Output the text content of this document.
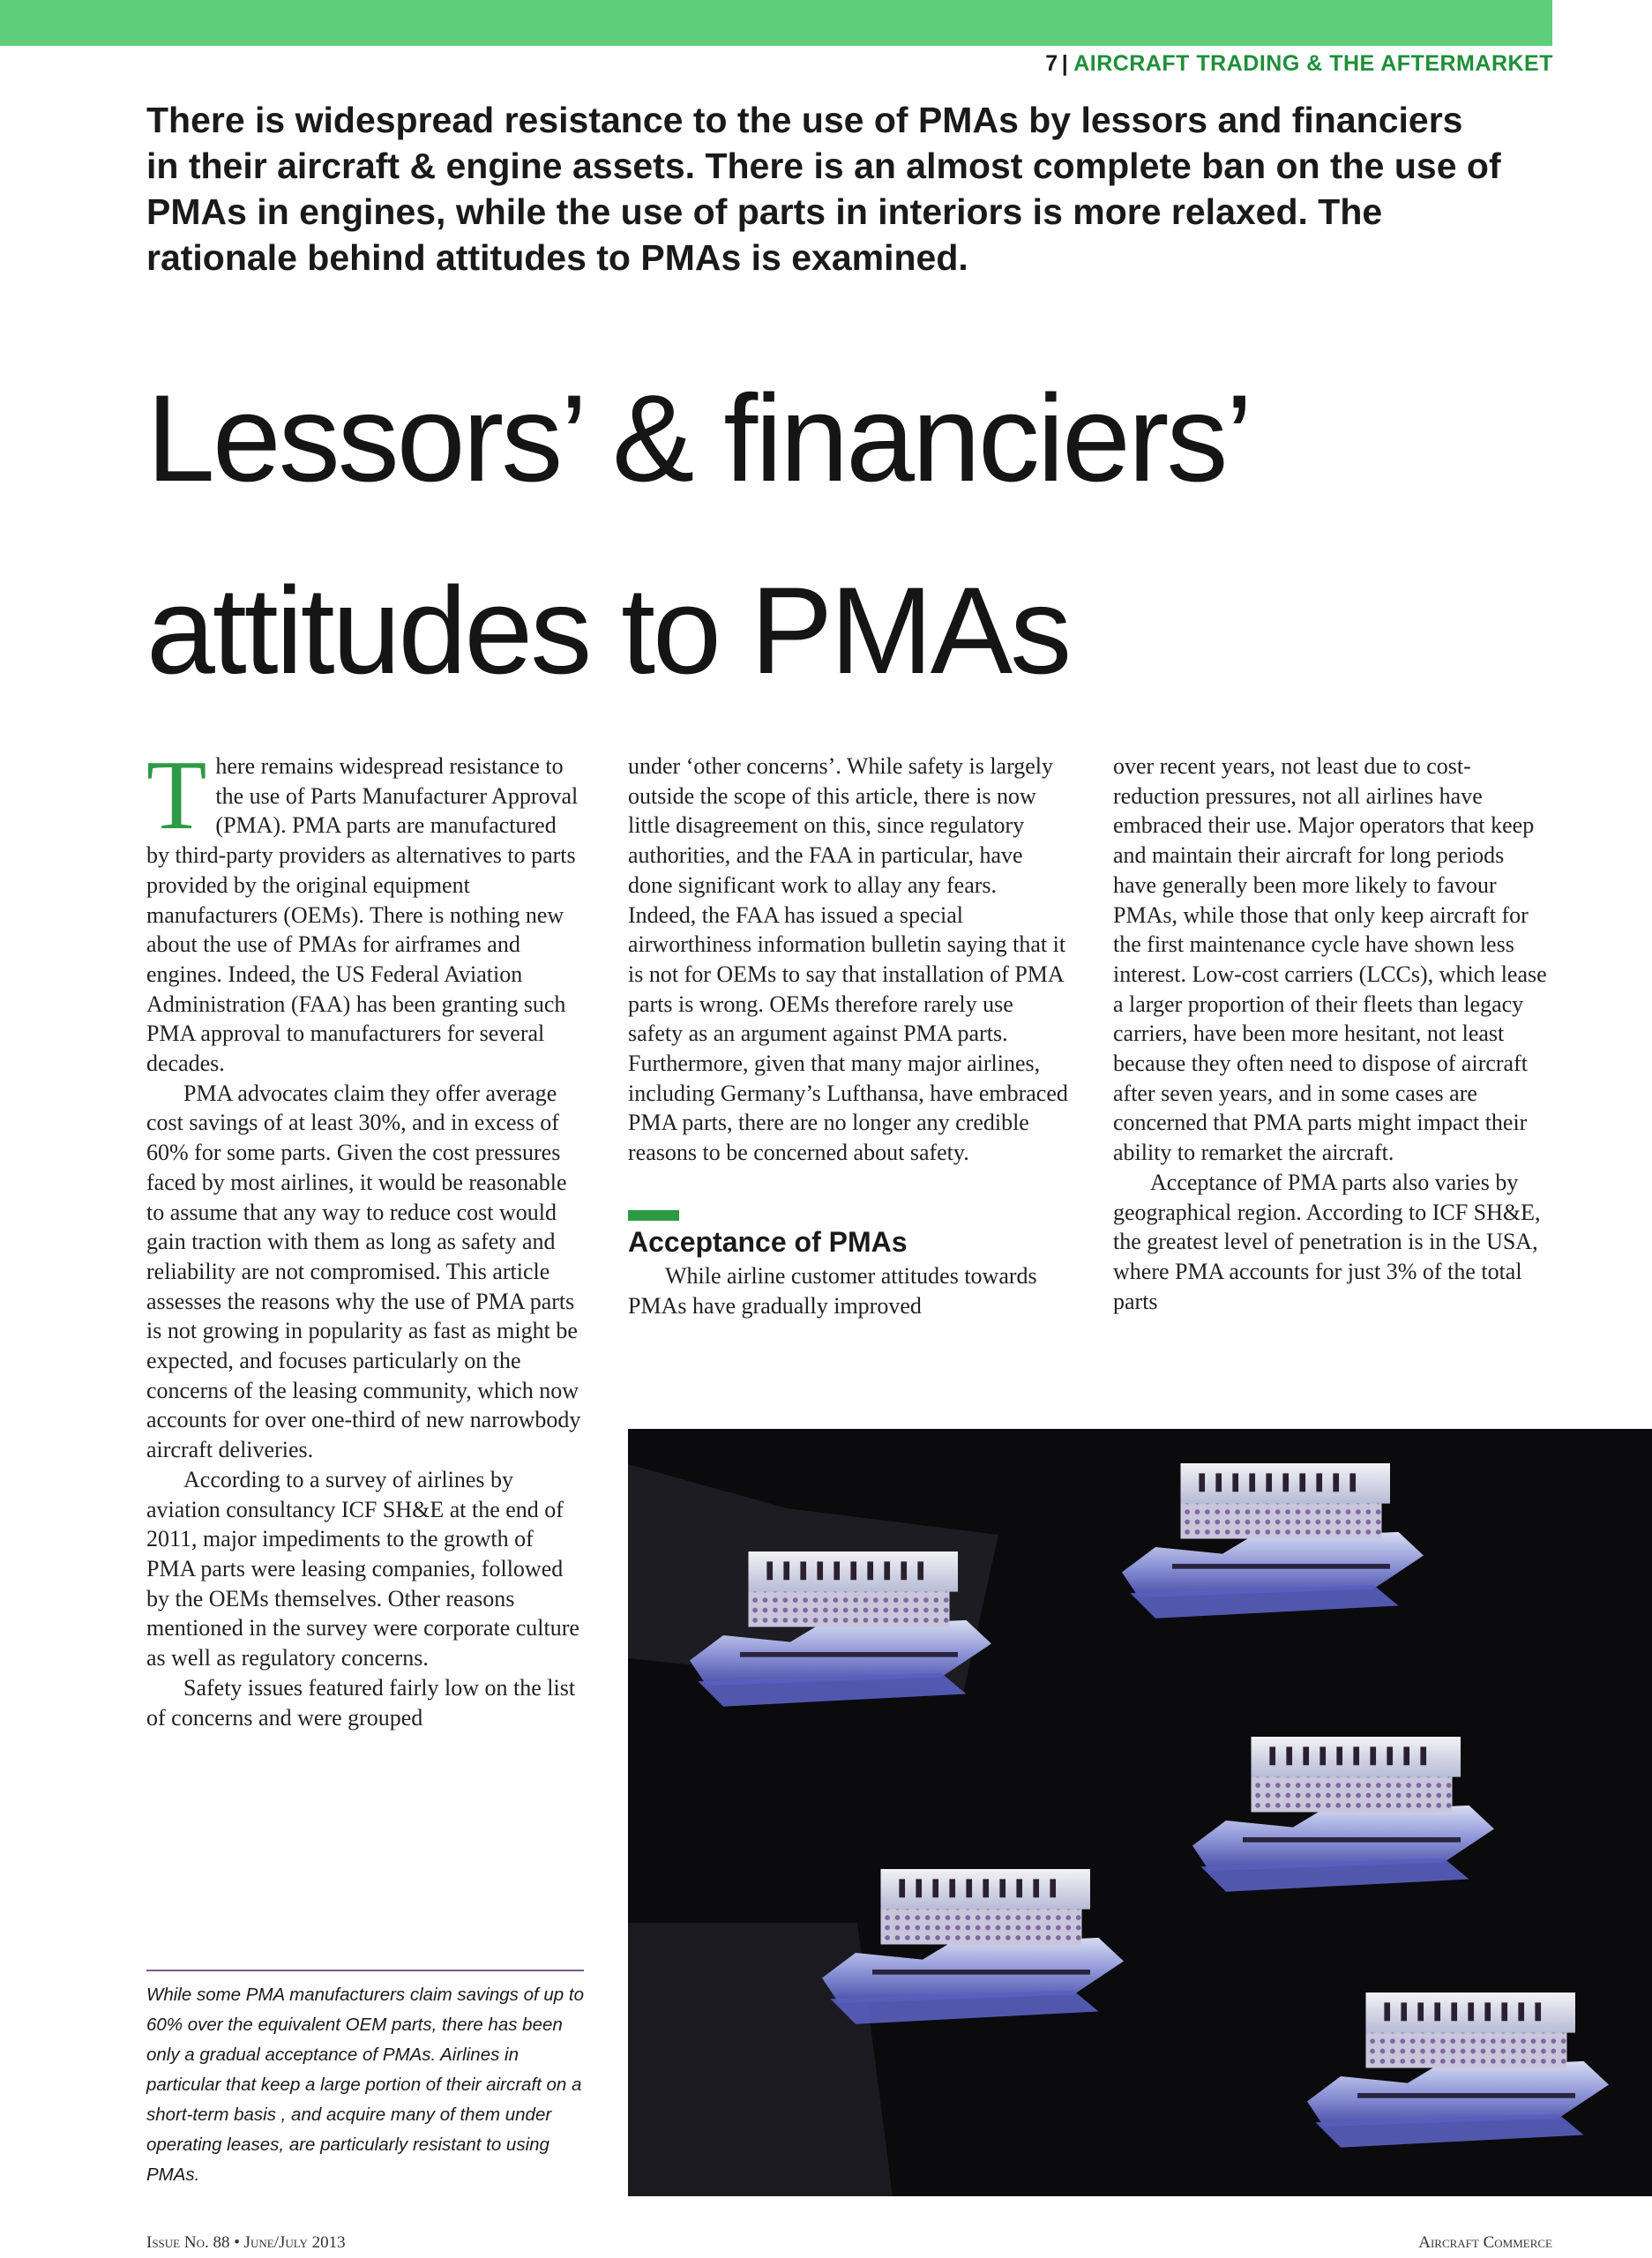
7 | AIRCRAFT TRADING & THE AFTERMARKET

There is widespread resistance to the use of PMAs by lessors and financiers in their aircraft & engine assets. There is an almost complete ban on the use of PMAs in engines, while the use of parts in interiors is more relaxed. The rationale behind attitudes to PMAs is examined.

Lessors’ & financiers’
attitudes to PMAs
T here remains widespread resistance to the use of Parts Manufacturer Approval (PMA). PMA parts are manufactured by third-party providers as alternatives to parts provided by the original equipment manufacturers (OEMs). There is nothing new about the use of PMAs for airframes and engines. Indeed, the US Federal Aviation Administration (FAA) has been granting such PMA approval to manufacturers for several decades.

PMA advocates claim they offer average cost savings of at least 30%, and in excess of 60% for some parts. Given the cost pressures faced by most airlines, it would be reasonable to assume that any way to reduce cost would gain traction with them as long as safety and reliability are not compromised. This article assesses the reasons why the use of PMA parts is not growing in popularity as fast as might be expected, and focuses particularly on the concerns of the leasing community, which now accounts for over one-third of new narrowbody aircraft deliveries.

According to a survey of airlines by aviation consultancy ICF SH&E at the end of 2011, major impediments to the growth of PMA parts were leasing companies, followed by the OEMs themselves. Other reasons mentioned in the survey were corporate culture as well as regulatory concerns.

Safety issues featured fairly low on the list of concerns and were grouped

under ‘other concerns’. While safety is largely outside the scope of this article, there is now little disagreement on this, since regulatory authorities, and the FAA in particular, have done significant work to allay any fears. Indeed, the FAA has issued a special airworthiness information bulletin saying that it is not for OEMs to say that installation of PMA parts is wrong. OEMs therefore rarely use safety as an argument against PMA parts. Furthermore, given that many major airlines, including Germany’s Lufthansa, have embraced PMA parts, there are no longer any credible reasons to be concerned about safety.

Acceptance of PMAs

While airline customer attitudes towards PMAs have gradually improved

over recent years, not least due to cost-reduction pressures, not all airlines have embraced their use. Major operators that keep and maintain their aircraft for long periods have generally been more likely to favour PMAs, while those that only keep aircraft for the first maintenance cycle have shown less interest. Low-cost carriers (LCCs), which lease a larger proportion of their fleets than legacy carriers, have been more hesitant, not least because they often need to dispose of aircraft after seven years, and in some cases are concerned that PMA parts might impact their ability to remarket the aircraft.

Acceptance of PMA parts also varies by geographical region. According to ICF SH&E, the greatest level of penetration is in the USA, where PMA accounts for just 3% of the total parts

While some PMA manufacturers claim savings of up to 60% over the equivalent OEM parts, there has been only a gradual acceptance of PMAs. Airlines in particular that keep a large portion of their aircraft on a short-term basis , and acquire many of them under operating leases, are particularly resistant to using PMAs.
Issue No. 88 • June/July 2013	Aircraft Commerce
